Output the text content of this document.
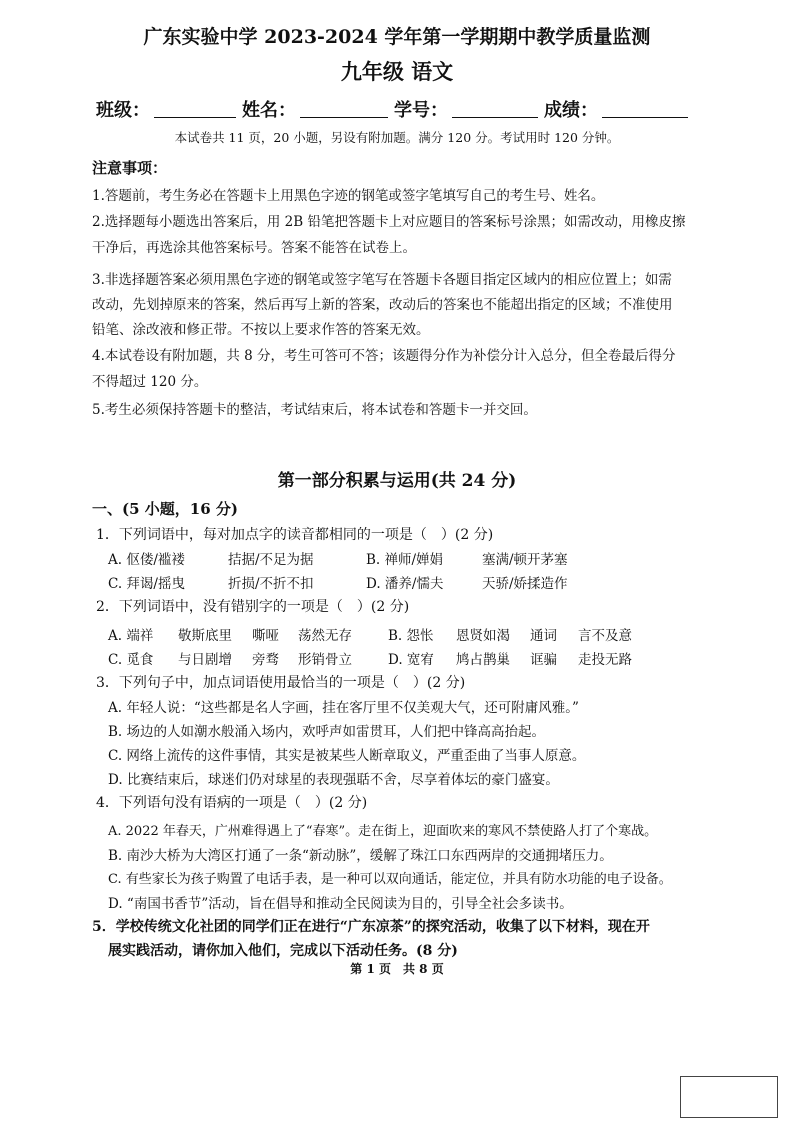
广东实验中学 2023-2024 学年第一学期期中教学质量监测
九年级 语文
班级：	姓名：	学号：	成绩：
本试卷共 11 页，20 小题，另设有附加题。满分 120 分。考试用时 120 分钟。
注意事项：
1.答题前，考生务必在答题卡上用黑色字迹的钢笔或签字笔填写自己的考生号、姓名。
2.选择题每小题选出答案后，用 2B 铅笔把答题卡上对应题目的答案标号涂黑；如需改动，用橡皮擦
干净后，再选涂其他答案标号。答案不能答在试卷上。
3.非选择题答案必须用黑色字迹的钢笔或签字笔写在答题卡各题目指定区域内的相应位置上；如需
改动，先划掉原来的答案，然后再写上新的答案，改动后的答案也不能超出指定的区域；不准使用
铅笔、涂改液和修正带。不按以上要求作答的答案无效。
4.本试卷设有附加题，共 8 分，考生可答可不答；该题得分作为补偿分计入总分，但全卷最后得分
不得超过 120 分。
5.考生必须保持答题卡的整洁，考试结束后，将本试卷和答题卡一并交回。
第一部分积累与运用(共 24 分)
一、(5 小题，16 分)
1．下列词语中，每对加点字的读音都相同的一项是（　）(2 分)
A. 伛偻/褴褛	拮据/不足为据	B. 禅师/婵娟	塞满/顿开茅塞
C. 拜谒/摇曳	折损/不折不扣	D. 潘养/懦夫	天骄/娇揉造作
2．下列词语中，没有错别字的一项是（　）(2 分)
A. 端祥 敬斯底里 嘶哑 荡然无存	B. 怨怅 恩贤如渴 通词 言不及意
C. 觅食 与日剧增 旁骛 形销骨立	D. 宽宥 鸠占鹊巢 诓骗 走投无路
3．下列句子中，加点词语使用最恰当的一项是（　）(2 分)
A. 年轻人说：“这些都是名人字画，挂在客厅里不仅美观大气，还可附庸风雅。”
B. 场边的人如潮水般涌入场内，欢呼声如雷贯耳，人们把中锋高高抬起。
C. 网络上流传的这件事情，其实是被某些人断章取义，严重歪曲了当事人原意。
D. 比赛结束后，球迷们仍对球星的表现强聒不舍，尽享着体坛的豪门盛宴。
4．下列语句没有语病的一项是（　）(2 分)
A. 2022 年春天，广州难得遇上了“春寒”。走在街上，迎面吹来的寒风不禁使路人打了个寒战。
B. 南沙大桥为大湾区打通了一条“新动脉”，缓解了珠江口东西两岸的交通拥堵压力。
C. 有些家长为孩子购置了电话手表，是一种可以双向通话，能定位，并具有防水功能的电子设备。
D. “南国书香节”活动，旨在倡导和推动全民阅读为目的，引导全社会多读书。
5．学校传统文化社团的同学们正在进行“广东凉茶”的探究活动，收集了以下材料，现在开
展实践活动，请你加入他们，完成以下活动任务。(8 分)
第 1 页　共 8 页
